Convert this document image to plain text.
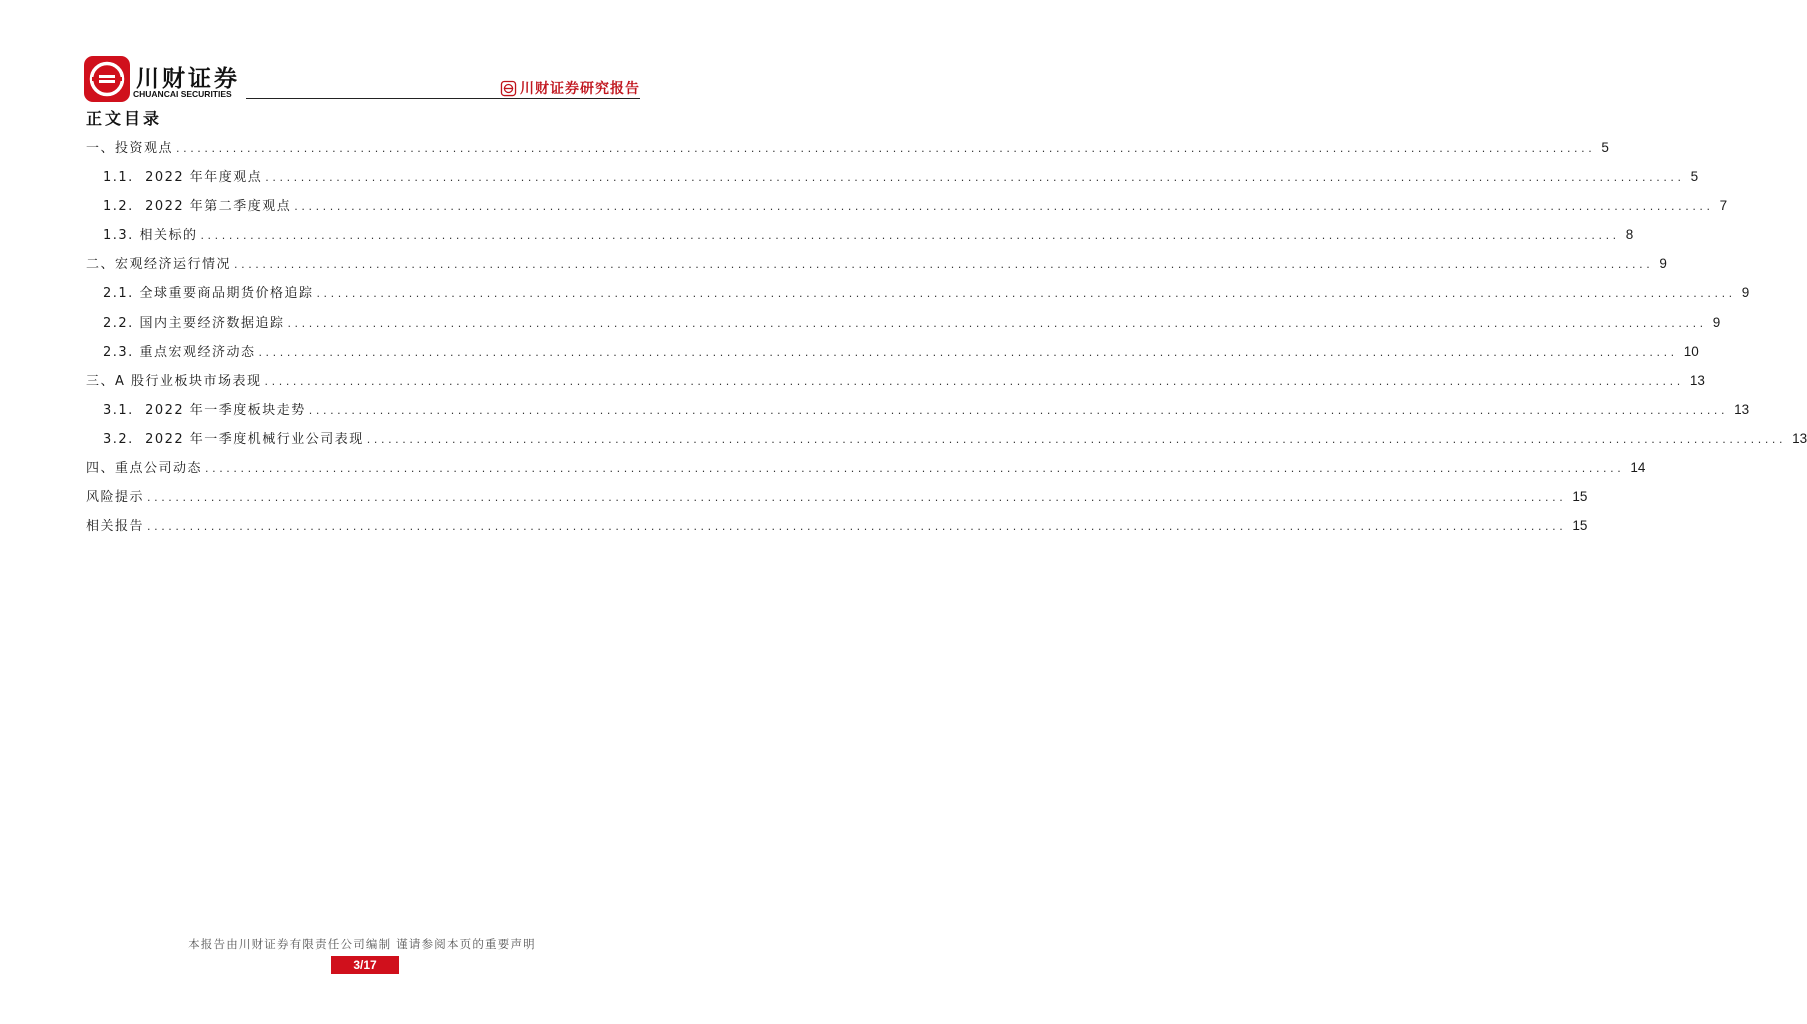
川财证券
CHUANCAI SECURITIES	川财证券研究报告
正文目录
一、投资观点 ........................................................................................................................................................................................................ 5
1.1.  2022 年年度观点 ........................................................................................................................................................................................................ 5
1.2.  2022 年第二季度观点 ........................................................................................................................................................................................................ 7
1.3. 相关标的 ........................................................................................................................................................................................................ 8
二、宏观经济运行情况 ........................................................................................................................................................................................................ 9
2.1. 全球重要商品期货价格追踪 ........................................................................................................................................................................................................ 9
2.2. 国内主要经济数据追踪 ........................................................................................................................................................................................................ 9
2.3. 重点宏观经济动态 ........................................................................................................................................................................................................ 10
三、A 股行业板块市场表现 ........................................................................................................................................................................................................ 13
3.1.  2022 年一季度板块走势 ........................................................................................................................................................................................................ 13
3.2.  2022 年一季度机械行业公司表现 ........................................................................................................................................................................................................ 13
四、重点公司动态 ........................................................................................................................................................................................................ 14
风险提示 ........................................................................................................................................................................................................ 15
相关报告 ........................................................................................................................................................................................................ 15
本报告由川财证券有限责任公司编制 谨请参阅本页的重要声明
3/17
